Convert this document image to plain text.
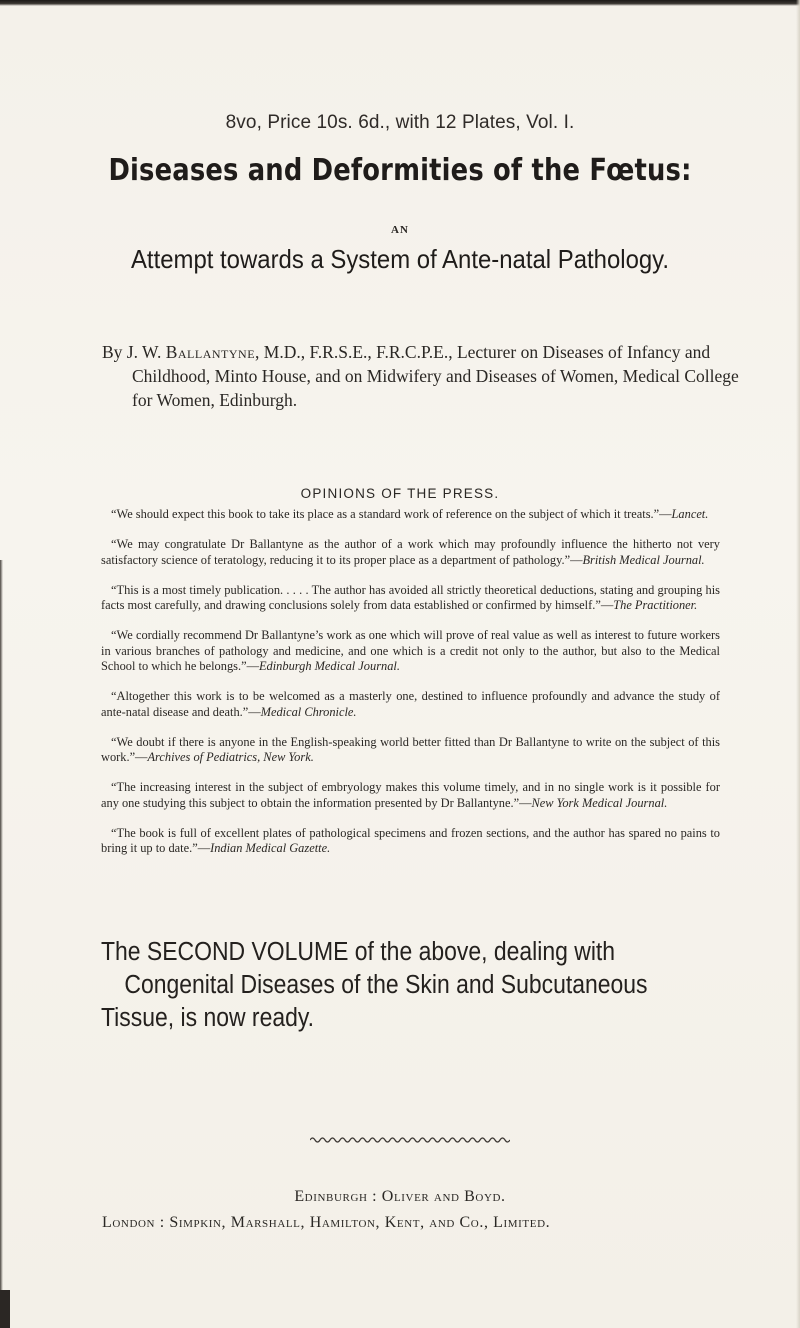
8vo, Price 10s. 6d., with 12 Plates, Vol. I.
Diseases and Deformities of the Fœtus:
AN
Attempt towards a System of Ante-natal Pathology.
By J. W. Ballantyne, M.D., F.R.S.E., F.R.C.P.E., Lecturer on Diseases of Infancy and Childhood, Minto House, and on Midwifery and Diseases of Women, Medical College for Women, Edinburgh.
OPINIONS OF THE PRESS.

“We should expect this book to take its place as a standard work of reference on the subject of which it treats.”—Lancet.

“We may congratulate Dr Ballantyne as the author of a work which may profoundly influence the hitherto not very satisfactory science of teratology, reducing it to its proper place as a department of pathology.”—British Medical Journal.

“This is a most timely publication. . . . . The author has avoided all strictly theoretical deductions, stating and grouping his facts most carefully, and drawing conclusions solely from data established or confirmed by himself.”—The Practitioner.

“We cordially recommend Dr Ballantyne’s work as one which will prove of real value as well as interest to future workers in various branches of pathology and medicine, and one which is a credit not only to the author, but also to the Medical School to which he belongs.”—Edinburgh Medical Journal.

“Altogether this work is to be welcomed as a masterly one, destined to influence profoundly and advance the study of ante-natal disease and death.”—Medical Chronicle.

“We doubt if there is anyone in the English-speaking world better fitted than Dr Ballantyne to write on the subject of this work.”—Archives of Pediatrics, New York.

“The increasing interest in the subject of embryology makes this volume timely, and in no single work is it possible for any one studying this subject to obtain the information presented by Dr Ballantyne.”—New York Medical Journal.

“The book is full of excellent plates of pathological specimens and frozen sections, and the author has spared no pains to bring it up to date.”—Indian Medical Gazette.

The SECOND VOLUME of the above, dealing with
Congenital Diseases of the Skin and Subcutaneous
Tissue, is now ready.
Edinburgh : Oliver and Boyd.
London : Simpkin, Marshall, Hamilton, Kent, and Co., Limited.
